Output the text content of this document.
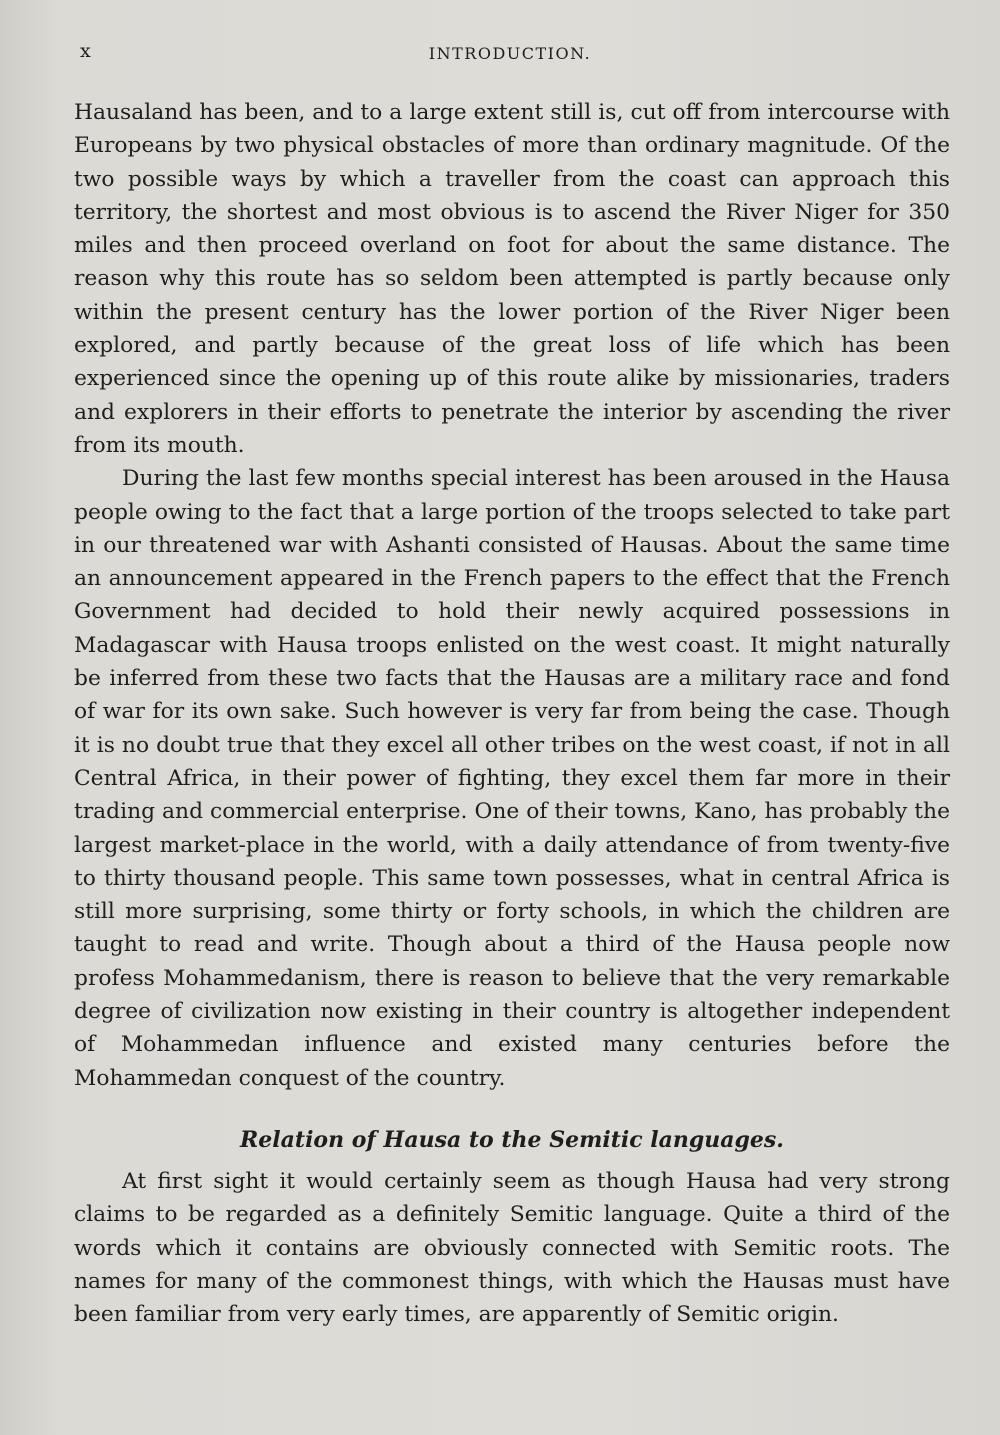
x	INTRODUCTION.

Hausaland has been, and to a large extent still is, cut off from intercourse with Europeans by two physical obstacles of more than ordinary magnitude. Of the two possible ways by which a traveller from the coast can approach this territory, the shortest and most obvious is to ascend the River Niger for 350 miles and then proceed overland on foot for about the same distance. The reason why this route has so seldom been attempted is partly because only within the present century has the lower portion of the River Niger been explored, and partly because of the great loss of life which has been experienced since the opening up of this route alike by missionaries, traders and explorers in their efforts to penetrate the interior by ascending the river from its mouth.

During the last few months special interest has been aroused in the Hausa people owing to the fact that a large portion of the troops selected to take part in our threatened war with Ashanti consisted of Hausas. About the same time an announcement appeared in the French papers to the effect that the French Government had decided to hold their newly acquired possessions in Madagascar with Hausa troops enlisted on the west coast. It might naturally be inferred from these two facts that the Hausas are a military race and fond of war for its own sake. Such however is very far from being the case. Though it is no doubt true that they excel all other tribes on the west coast, if not in all Central Africa, in their power of fighting, they excel them far more in their trading and commercial enterprise. One of their towns, Kano, has probably the largest market-place in the world, with a daily attendance of from twenty-five to thirty thousand people. This same town possesses, what in central Africa is still more surprising, some thirty or forty schools, in which the children are taught to read and write. Though about a third of the Hausa people now profess Mohammedanism, there is reason to believe that the very remarkable degree of civilization now existing in their country is altogether independent of Mohammedan influence and existed many centuries before the Mohammedan conquest of the country.

Relation of Hausa to the Semitic languages.

At first sight it would certainly seem as though Hausa had very strong claims to be regarded as a definitely Semitic language. Quite a third of the words which it contains are obviously connected with Semitic roots. The names for many of the commonest things, with which the Hausas must have been familiar from very early times, are apparently of Semitic origin.
